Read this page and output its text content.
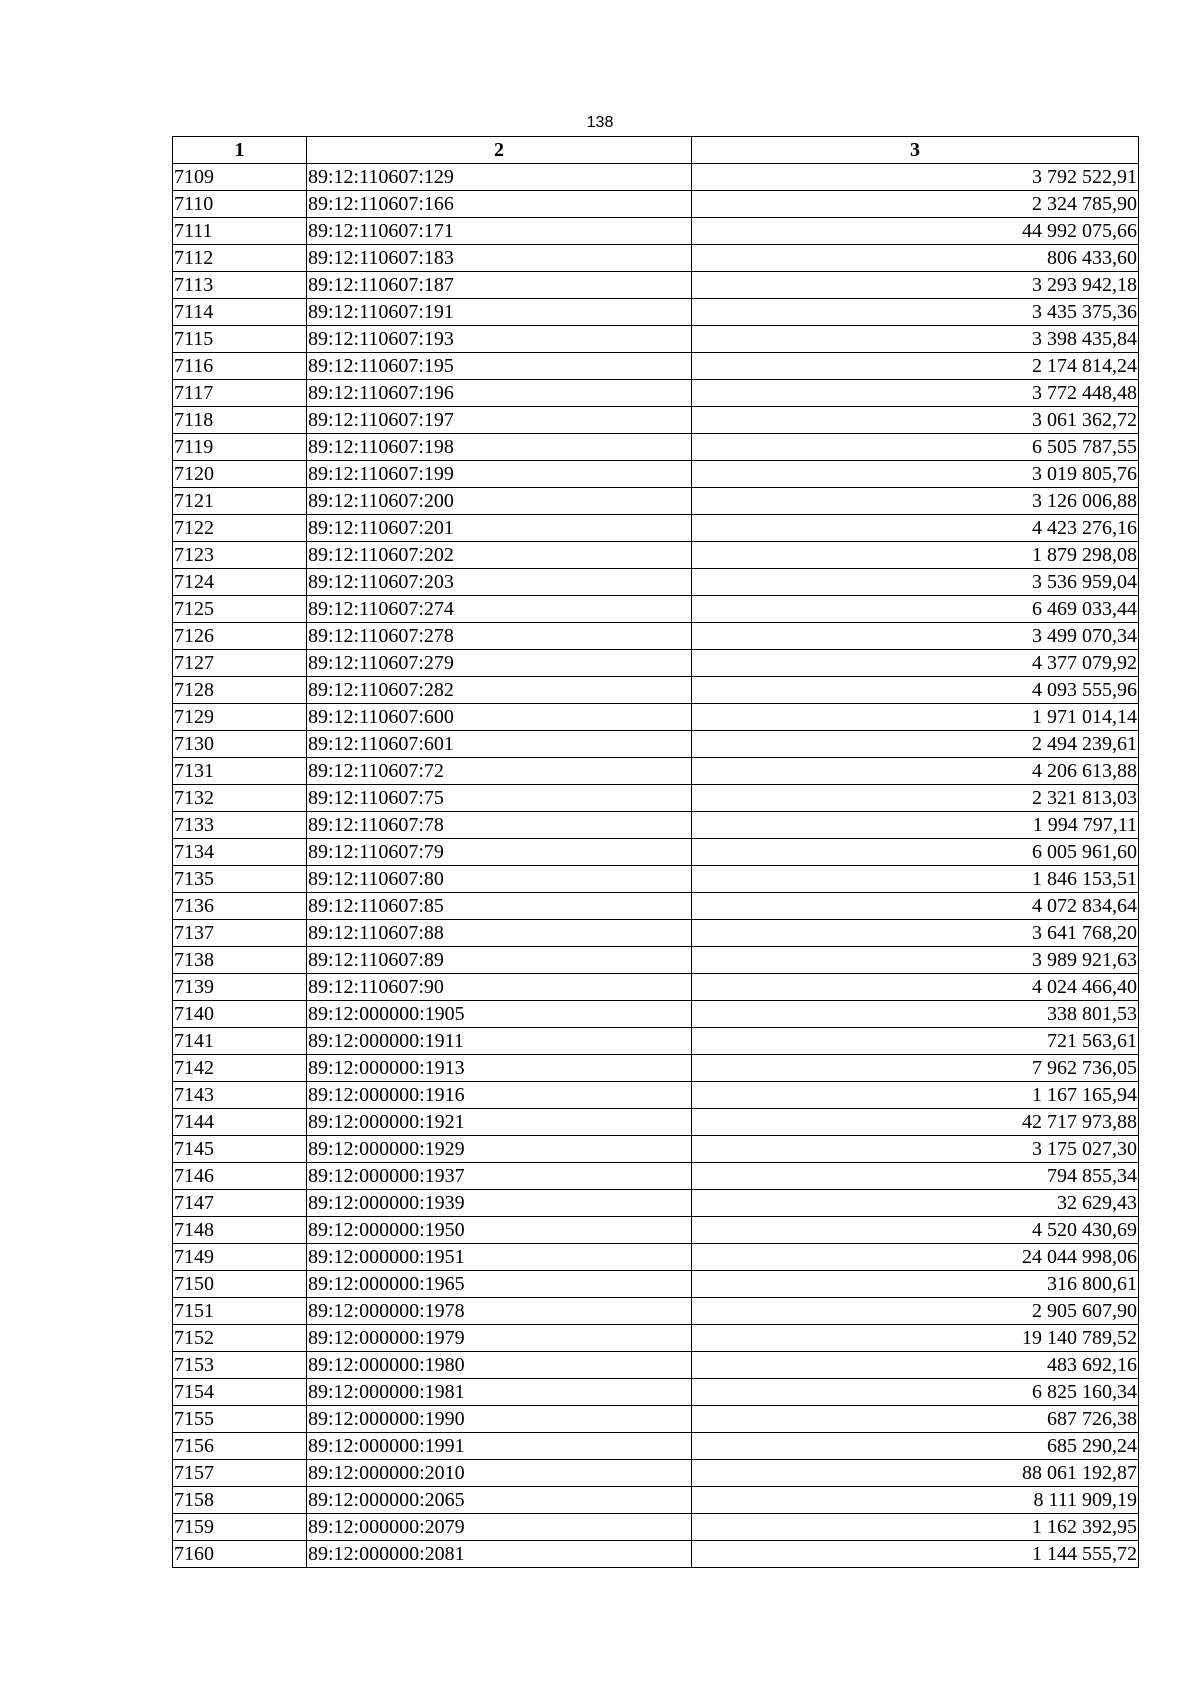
138
1	2	3
7109	89:12:110607:129	3 792 522,91
7110	89:12:110607:166	2 324 785,90
7111	89:12:110607:171	44 992 075,66
7112	89:12:110607:183	806 433,60
7113	89:12:110607:187	3 293 942,18
7114	89:12:110607:191	3 435 375,36
7115	89:12:110607:193	3 398 435,84
7116	89:12:110607:195	2 174 814,24
7117	89:12:110607:196	3 772 448,48
7118	89:12:110607:197	3 061 362,72
7119	89:12:110607:198	6 505 787,55
7120	89:12:110607:199	3 019 805,76
7121	89:12:110607:200	3 126 006,88
7122	89:12:110607:201	4 423 276,16
7123	89:12:110607:202	1 879 298,08
7124	89:12:110607:203	3 536 959,04
7125	89:12:110607:274	6 469 033,44
7126	89:12:110607:278	3 499 070,34
7127	89:12:110607:279	4 377 079,92
7128	89:12:110607:282	4 093 555,96
7129	89:12:110607:600	1 971 014,14
7130	89:12:110607:601	2 494 239,61
7131	89:12:110607:72	4 206 613,88
7132	89:12:110607:75	2 321 813,03
7133	89:12:110607:78	1 994 797,11
7134	89:12:110607:79	6 005 961,60
7135	89:12:110607:80	1 846 153,51
7136	89:12:110607:85	4 072 834,64
7137	89:12:110607:88	3 641 768,20
7138	89:12:110607:89	3 989 921,63
7139	89:12:110607:90	4 024 466,40
7140	89:12:000000:1905	338 801,53
7141	89:12:000000:1911	721 563,61
7142	89:12:000000:1913	7 962 736,05
7143	89:12:000000:1916	1 167 165,94
7144	89:12:000000:1921	42 717 973,88
7145	89:12:000000:1929	3 175 027,30
7146	89:12:000000:1937	794 855,34
7147	89:12:000000:1939	32 629,43
7148	89:12:000000:1950	4 520 430,69
7149	89:12:000000:1951	24 044 998,06
7150	89:12:000000:1965	316 800,61
7151	89:12:000000:1978	2 905 607,90
7152	89:12:000000:1979	19 140 789,52
7153	89:12:000000:1980	483 692,16
7154	89:12:000000:1981	6 825 160,34
7155	89:12:000000:1990	687 726,38
7156	89:12:000000:1991	685 290,24
7157	89:12:000000:2010	88 061 192,87
7158	89:12:000000:2065	8 111 909,19
7159	89:12:000000:2079	1 162 392,95
7160	89:12:000000:2081	1 144 555,72
